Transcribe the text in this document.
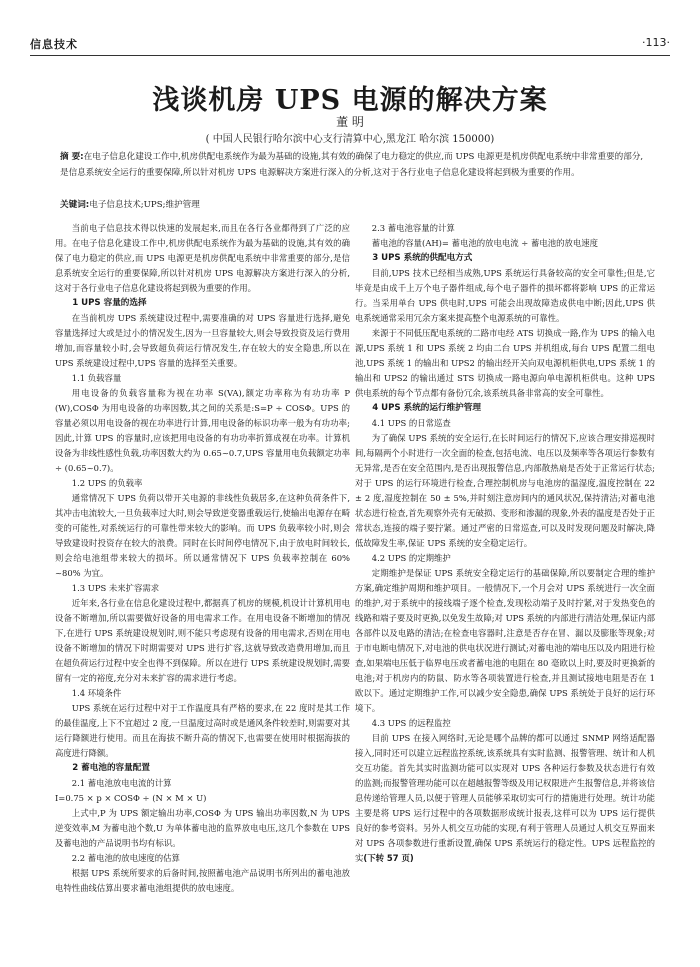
信息技术	·113·
浅谈机房 UPS 电源的解决方案
董 明
( 中国人民银行哈尔滨中心支行清算中心,黑龙江 哈尔滨 150000)
摘 要:在电子信息化建设工作中,机房供配电系统作为最为基础的设施,其有效的确保了电力稳定的供应,而 UPS 电源更是机房供配电系统中非常重要的部分,是信息系统安全运行的重要保障,所以针对机房 UPS 电源解决方案进行深入的分析,这对于各行业电子信息化建设将起到极为重要的作用。
关键词:电子信息技术;UPS;维护管理

当前电子信息技术得以快速的发展起来,而且在各行各业都得到了广泛的应用。在电子信息化建设工作中,机房供配电系统作为最为基础的设施,其有效的确保了电力稳定的供应,而 UPS 电源更是机房供配电系统中非常重要的部分,是信息系统安全运行的重要保障,所以针对机房 UPS 电源解决方案进行深入的分析,这对于各行业电子信息化建设将起到极为重要的作用。

1 UPS 容量的选择

在当前机房 UPS 系统建设过程中,需要准确的对 UPS 容量进行选择,避免容量选择过大或是过小的情况发生,因为一旦容量较大,则会导致投资及运行费用增加,而容量较小时,会导致超负荷运行情况发生,存在较大的安全隐患,所以在 UPS 系统建设过程中,UPS 容量的选择至关重要。

1.1 负载容量

用电设备的负载容量称为视在功率 S(VA),额定功率称为有功功率 P (W),COSΦ 为用电设备的功率因数,其之间的关系是:S=P ÷ COSΦ。UPS 的容量必须以用电设备的视在功率进行计算,用电设备的标识功率一般为有功功率;因此,计算 UPS 的容量时,应该把用电设备的有功功率折算成视在功率。计算机设备为非线性感性负载,功率因数大约为 0.65~0.7,UPS 容量用电负载额定功率 ÷ (0.65~0.7)。

1.2 UPS 的负载率

通常情况下 UPS 负荷以带开关电源的非线性负载居多,在这种负荷条件下,其冲击电流较大,一旦负载率过大时,则会导致逆变器重载运行,使输出电源存在畸变的可能性,对系统运行的可靠性带来较大的影响。而 UPS 负载率较小时,则会导致建设时投资存在较大的浪费。同时在长时间停电情况下,由于放电时间较长,则会给电池组带来较大的损坏。所以通常情况下 UPS 负载率控制在 60% ~80% 为宜。

1.3 UPS 未来扩容需求

近年来,各行业在信息化建设过程中,都据真了机房的规模,机设计计算机用电设备不断增加,所以需要做好设备的用电需求工作。在用电设备不断增加的情况下,在进行 UPS 系统建设规划时,则不能只考虑现有设备的用电需求,否则在用电设备不断增加的情况下时期需要对 UPS 进行扩容,这就导致改造费用增加,而且在超负荷运行过程中安全也得不到保障。所以在进行 UPS 系统建设规划时,需要留有一定的裕度,充分对未来扩容的需求进行考虑。

1.4 环境条件

UPS 系统在运行过程中对于工作温度具有严格的要求,在 22 度时是其工作的最佳温度,上下不宜超过 2 度,一旦温度过高时或是通风条件较差时,则需要对其运行降额进行使用。而且在海拔不断升高的情况下,也需要在使用时根据海拔的高度进行降额。

2 蓄电池的容量配置
2.1 蓄电池放电电流的计算

I=0.75 × p × COSΦ ÷ (N × M × U)

上式中,P 为 UPS 额定输出功率,COSΦ 为 UPS 输出功率因数,N 为 UPS 逆变效率,M 为蓄电池个数,U 为单体蓄电池的监界放电电压,这几个参数在 UPS 及蓄电池的产品说明书均有标识。

2.2 蓄电池的放电速度的估算

根据 UPS 系统所要求的后备时间,按照蓄电池产品说明书所列出的蓄电池放电特性曲线估算出要求蓄电池组提供的放电速度。

2.3 蓄电池容量的计算

蓄电池的容量(AH)= 蓄电池的放电电流 ÷ 蓄电池的放电速度

3 UPS 系统的供配电方式

目前,UPS 技术已经相当成熟,UPS 系统运行具备较高的安全可靠性;但是,它毕竟是由成千上万个电子器件组成,每个电子器件的损坏都将影响 UPS 的正常运行。当采用单台 UPS 供电时,UPS 可能会出现故障造成供电中断;因此,UPS 供电系统通常采用冗余方案来提高整个电源系统的可靠性。

来源于不同低压配电系统的二路市电经 ATS 切换成一路,作为 UPS 的输入电源,UPS 系统 1 和 UPS 系统 2 均由二台 UPS 并机组成,每台 UPS 配置二组电池,UPS 系统 1 的输出和 UPS2 的输出经开关向双电源机柜供电,UPS 系统 1 的输出和 UPS2 的输出通过 STS 切换成一路电源向单电源机柜供电。这种 UPS 供电系统的每个节点都有备份冗余,该系统具备非常高的安全可靠性。

4 UPS 系统的运行维护管理
4.1 UPS 的日常巡查

为了确保 UPS 系统的安全运行,在长时间运行的情况下,应该合理安排巡视时间,每隔两个小时进行一次全面的检查,包括电流、电压以及频率等各项运行参数有无异常,是否在安全范围内,是否出现报警信息,内部散热扇是否处于正常运行状态;对于 UPS 的运行环境进行检查,合理控制机房与电池房的温湿度,温度控制在 22 ± 2 度,湿度控制在 50 ± 5%,并时刻注意房间内的通风状况,保持清洁;对蓄电池状态进行检查,首先观察外壳有无破损、变形和渗漏的现象,外表的温度是否处于正常状态,连接的端子要拧紧。通过严密的日常巡查,可以及时发现问题及时解决,降低故障发生率,保证 UPS 系统的安全稳定运行。

4.2 UPS 的定期维护

定期维护是保证 UPS 系统安全稳定运行的基础保障,所以要制定合理的维护方案,确定维护周期和维护项目。一般情况下,一个月会对 UPS 系统进行一次全面的维护,对于系统中的接线端子逐个检查,发现松动端子及时拧紧,对于发热变色的线路和端子要及时更换,以免发生故障;对 UPS 系统的内部进行清洁处理,保证内部各部件以及电路的清洁;在检查电容器时,注意是否存在冒、漏以及膨胀等现象;对于市电断电情况下,对电池的供电状况进行测试;对蓄电池的端电压以及内阻进行检查,如果端电压低于临界电压或者蓄电池的电阻在 80 毫欧以上时,要及时更换新的电池;对于机房内的防鼠、防水等各项装置进行检查,并且测试接地电阻是否在 1 欧以下。通过定期维护工作,可以减少安全隐患,确保 UPS 系统处于良好的运行环境下。

4.3 UPS 的远程监控

目前 UPS 在接入网络时,无论是哪个品牌的都可以通过 SNMP 网络适配器接入,同时还可以建立远程监控系统,该系统具有实时监测、报警管理、统计和人机交互功能。首先其实时监测功能可以实现对 UPS 各种运行参数及状态进行有效的监测;而报警管理功能可以在超越报警等级及用记权限进产生报警信息,并将该信息传递给管理人员,以便于管理人员能够采取切实可行的措施进行处理。统计功能主要是将 UPS 运行过程中的各项数据形成统计报表,这样可以为 UPS 运行提供良好的参考资料。另外人机交互功能的实现,有利于管理人员通过人机交互界面来对 UPS 各项参数进行重新设置,确保 UPS 系统运行的稳定性。UPS 远程监控的实(下转 57 页)
